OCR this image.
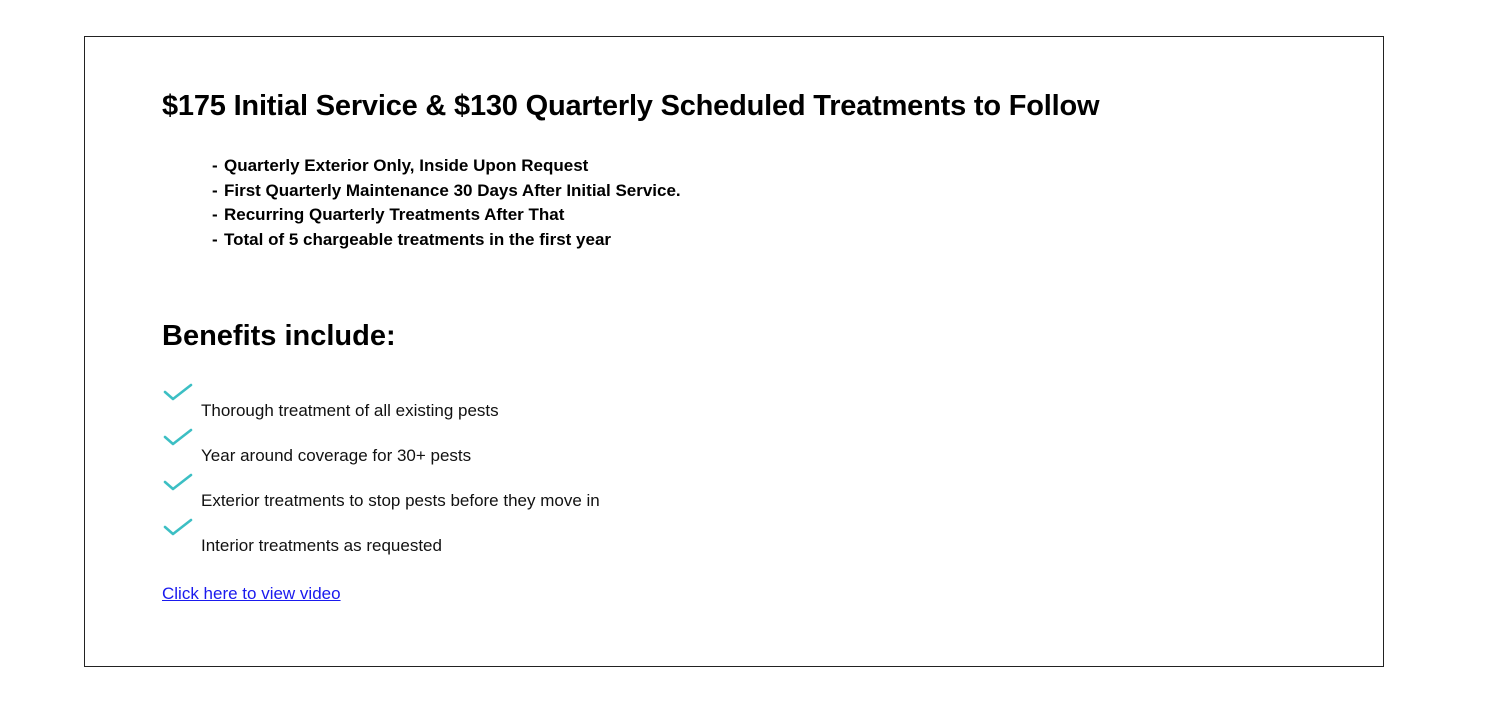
$175 Initial Service & $130 Quarterly Scheduled Treatments to Follow
- Quarterly Exterior Only, Inside Upon Request
- First Quarterly Maintenance 30 Days After Initial Service.
- Recurring Quarterly Treatments After That
- Total of 5 chargeable treatments in the first year
Benefits include:
Thorough treatment of all existing pests
Year around coverage for 30+ pests
Exterior treatments to stop pests before they move in
Interior treatments as requested
Click here to view video
